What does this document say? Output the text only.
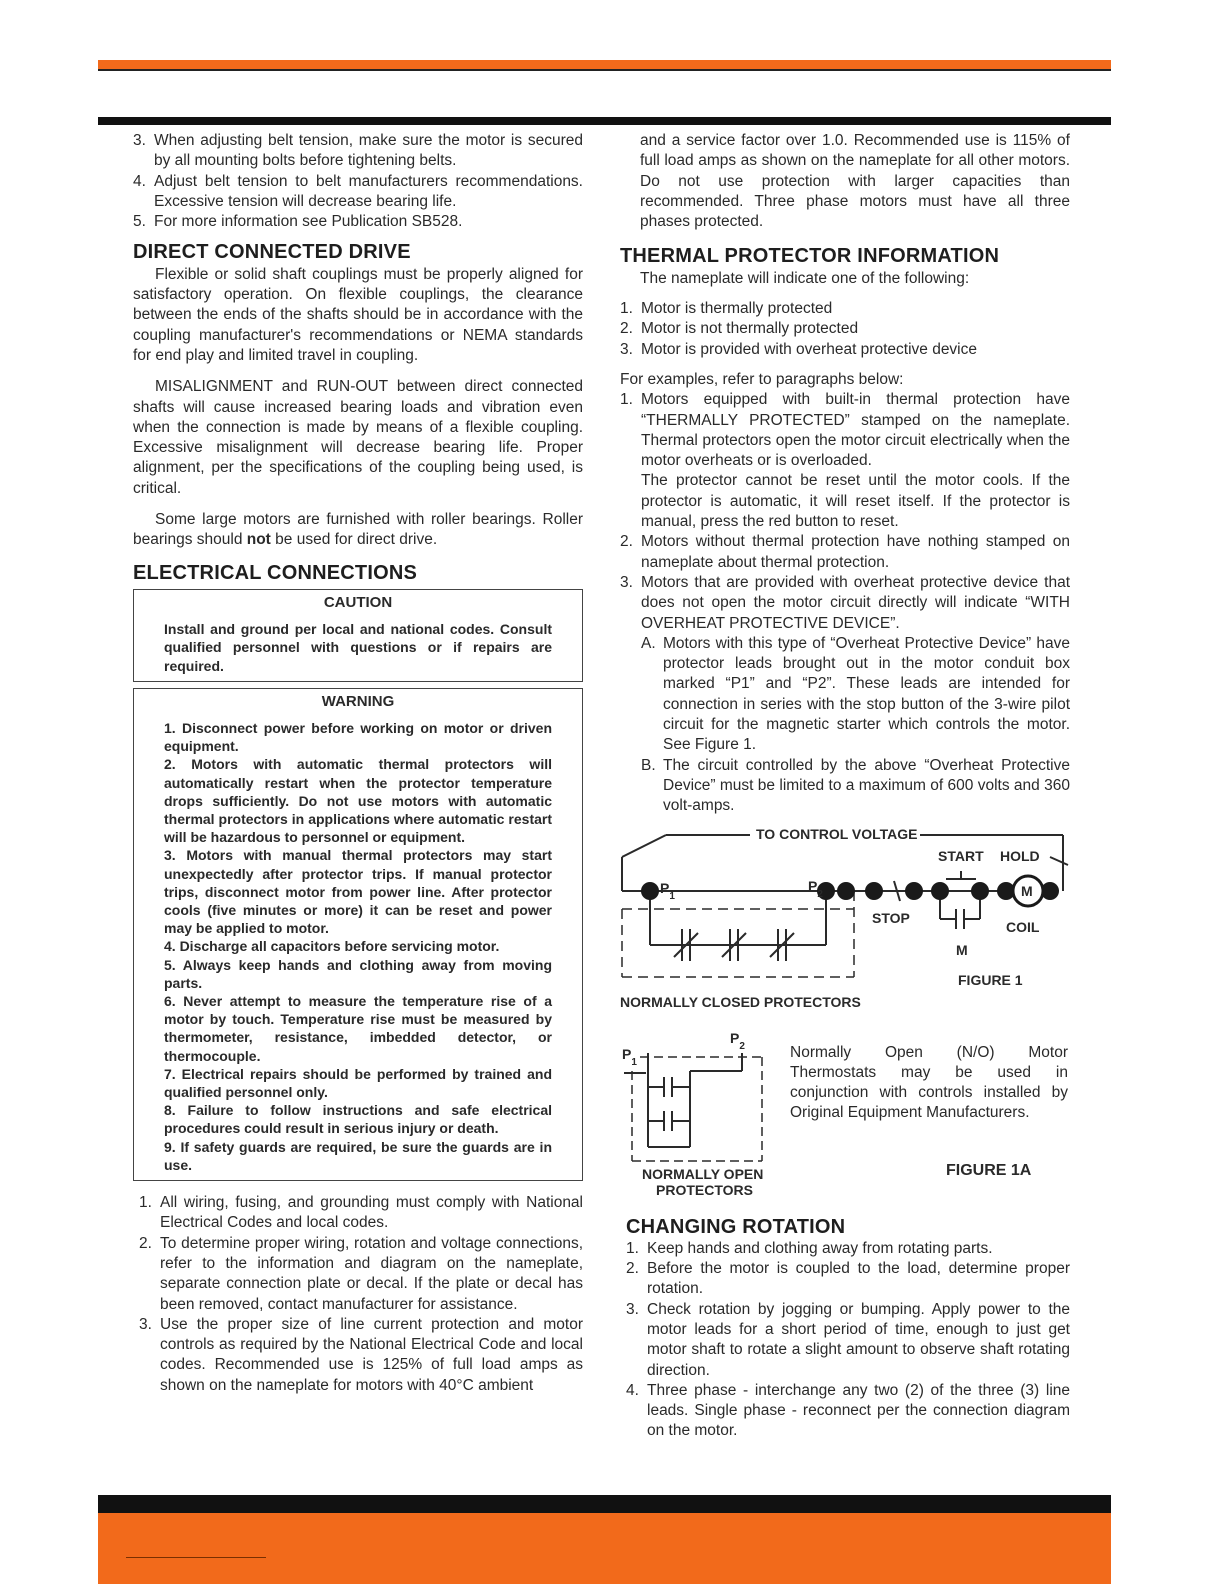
3. When adjusting belt tension, make sure the motor is secured by all mounting bolts before tightening belts.
4. Adjust belt tension to belt manufacturers recommendations. Excessive tension will decrease bearing life.
5. For more information see Publication SB528.
DIRECT CONNECTED DRIVE

Flexible or solid shaft couplings must be properly aligned for satisfactory operation. On flexible couplings, the clearance between the ends of the shafts should be in accordance with the coupling manufacturer's recommendations or NEMA standards for end play and limited travel in coupling.

MISALIGNMENT and RUN-OUT between direct connected shafts will cause increased bearing loads and vibration even when the connection is made by means of a flexible coupling. Excessive misalignment will decrease bearing life. Proper alignment, per the specifications of the coupling being used, is critical.

Some large motors are furnished with roller bearings. Roller bearings should not be used for direct drive.

ELECTRICAL CONNECTIONS
CAUTION

Install and ground per local and national codes. Consult qualified personnel with questions or if repairs are required.

WARNING
1. Disconnect power before working on motor or driven equipment.
2. Motors with automatic thermal protectors will automatically restart when the protector temperature drops sufficiently. Do not use motors with automatic thermal protectors in applications where automatic restart will be hazardous to personnel or equipment.
3. Motors with manual thermal protectors may start unexpectedly after protector trips. If manual protector trips, disconnect motor from power line. After protector cools (five minutes or more) it can be reset and power may be applied to motor.
4. Discharge all capacitors before servicing motor.
5. Always keep hands and clothing away from moving parts.
6. Never attempt to measure the temperature rise of a motor by touch. Temperature rise must be measured by thermometer, resistance, imbedded detector, or thermocouple.
7. Electrical repairs should be performed by trained and qualified personnel only.
8. Failure to follow instructions and safe electrical procedures could result in serious injury or death.
9. If safety guards are required, be sure the guards are in use.
1. All wiring, fusing, and grounding must comply with National Electrical Codes and local codes.
2. To determine proper wiring, rotation and voltage connections, refer to the information and diagram on the nameplate, separate connection plate or decal. If the plate or decal has been removed, contact manufacturer for assistance.
3. Use the proper size of line current protection and motor controls as required by the National Electrical Code and local codes. Recommended use is 125% of full load amps as shown on the nameplate for motors with 40°C ambient

and a service factor over 1.0. Recommended use is 115% of full load amps as shown on the nameplate for all other motors. Do not use protection with larger capacities than recommended. Three phase motors must have all three phases protected.

THERMAL PROTECTOR INFORMATION

The nameplate will indicate one of the following:

1. Motor is thermally protected
2. Motor is not thermally protected
3. Motor is provided with overheat protective device

For examples, refer to paragraphs below:

1. Motors equipped with built-in thermal protection have “THERMALLY PROTECTED” stamped on the nameplate. Thermal protectors open the motor circuit electrically when the motor overheats or is overloaded.
The protector cannot be reset until the motor cools. If the protector is automatic, it will reset itself. If the protector is manual, press the red button to reset.
2. Motors without thermal protection have nothing stamped on nameplate about thermal protection.
3. Motors that are provided with overheat protective device that does not open the motor circuit directly will indicate “WITH OVERHEAT PROTECTIVE DEVICE”.
A. Motors with this type of “Overheat Protective Device” have protector leads brought out in the motor conduit box marked “P1” and “P2”. These leads are intended for connection in series with the stop button of the 3-wire pilot circuit for the magnetic starter which controls the motor. See Figure 1.
B. The circuit controlled by the above “Overheat Protective Device” must be limited to a maximum of 600 volts and 360 volt-amps.
TO CONTROL VOLTAGE
START HOLD
M
STOP
COIL
M
$P_1$
$P_2$
FIGURE 1
NORMALLY CLOSED PROTECTORS
$P_1$
$P_2$
NORMALLY OPEN
PROTECTORS

Normally Open (N/O) Motor Thermostats may be used in conjunction with controls installed by Original Equipment Manufacturers.

FIGURE 1A
CHANGING ROTATION
1. Keep hands and clothing away from rotating parts.
2. Before the motor is coupled to the load, determine proper rotation.
3. Check rotation by jogging or bumping. Apply power to the motor leads for a short period of time, enough to just get motor shaft to rotate a slight amount to observe shaft rotating direction.
4. Three phase - interchange any two (2) of the three (3) line leads. Single phase - reconnect per the connection diagram on the motor.
